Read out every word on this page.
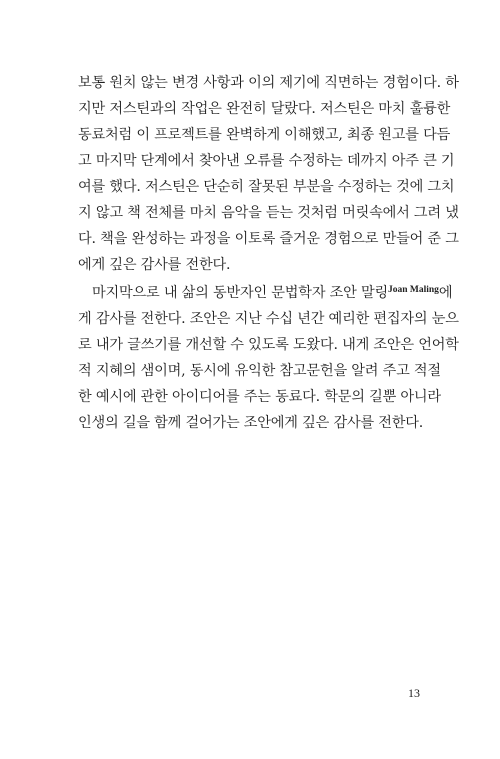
보통 원치 않는 변경 사항과 이의 제기에 직면하는 경험이다. 하
지만 저스틴과의 작업은 완전히 달랐다. 저스틴은 마치 훌륭한
동료처럼 이 프로젝트를 완벽하게 이해했고, 최종 원고를 다듬
고 마지막 단계에서 찾아낸 오류를 수정하는 데까지 아주 큰 기
여를 했다. 저스틴은 단순히 잘못된 부분을 수정하는 것에 그치
지 않고 책 전체를 마치 음악을 듣는 것처럼 머릿속에서 그려 냈
다. 책을 완성하는 과정을 이토록 즐거운 경험으로 만들어 준 그
에게 깊은 감사를 전한다.
마지막으로 내 삶의 동반자인 문법학자 조안 말링$^{Joan Maling}$에
게 감사를 전한다. 조안은 지난 수십 년간 예리한 편집자의 눈으
로 내가 글쓰기를 개선할 수 있도록 도왔다. 내게 조안은 언어학
적 지혜의 샘이며, 동시에 유익한 참고문헌을 알려 주고 적절
한 예시에 관한 아이디어를 주는 동료다. 학문의 길뿐 아니라
인생의 길을 함께 걸어가는 조안에게 깊은 감사를 전한다.
13
